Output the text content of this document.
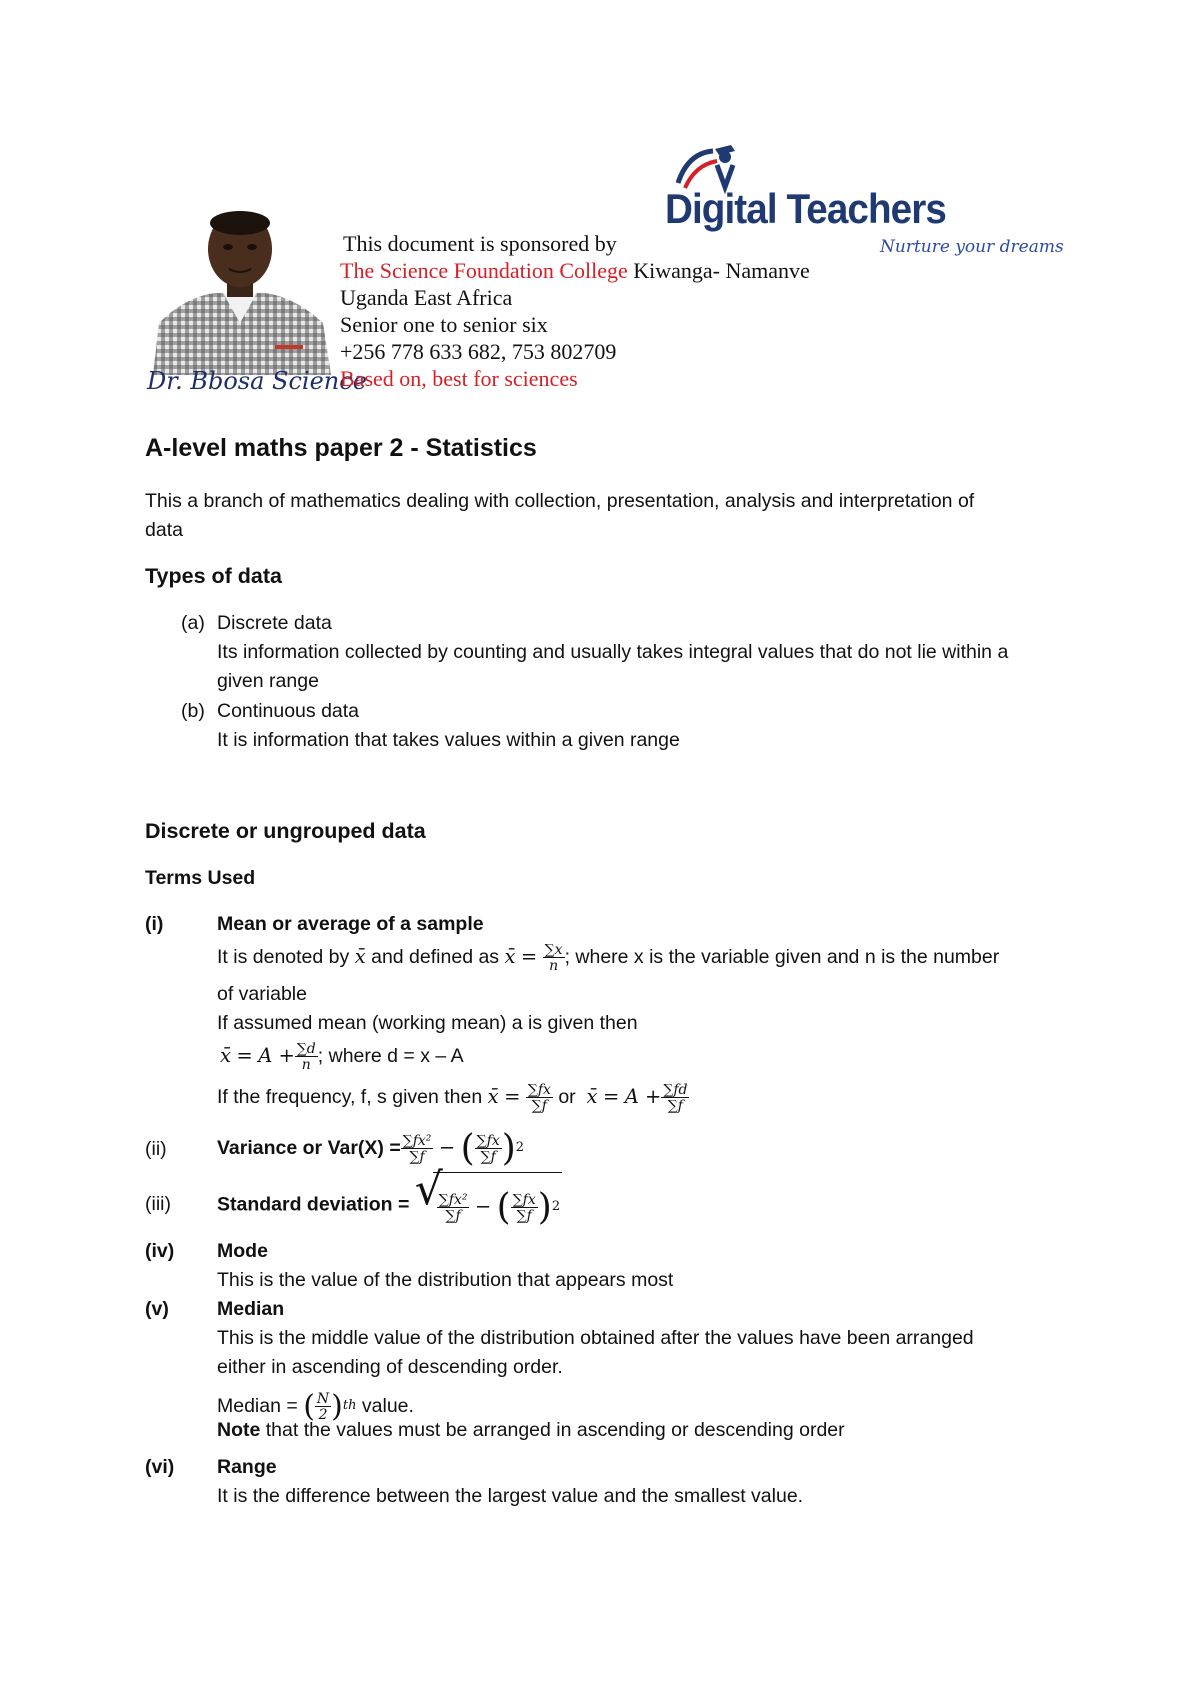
Dr. Bbosa Science
Digital Teachers
Nurture your dreams
This document is sponsored by
The Science Foundation College Kiwanga- Namanve
Uganda East Africa
Senior one to senior six
+256 778 633 682, 753 802709
Based on, best for sciences
A-level maths paper 2 - Statistics
This a branch of mathematics dealing with collection, presentation, analysis and interpretation of
data
Types of data
(a) Discrete data
Its information collected by counting and usually takes integral values that do not lie within a
given range
(b) Continuous data
It is information that takes values within a given range
Discrete or ungrouped data
Terms Used
(i)	Mean or average of a sample
It is denoted by x̄ and defined as x̄ = $\frac{\sum x}{n}$ ; where x is the variable given and n is the number
of variable
If assumed mean (working mean) a is given then
x̄ = $A + \frac{\sum d}{n}$ ; where d = x – A
If the frequency, f, s given then x̄ = $\frac{\sum fx}{\sum f}$ or x̄ = $A + \frac{\sum fd}{\sum f}$
(ii)	Variance or $Var(X) = \frac{\text{∑fx²}}{\sum f}$ − ( $\frac{\sum fx}{\sum f} )^2$
(iii) Standard deviation = √
$\frac{\text{∑fx²}}{\sum f}$ − ( $\frac{\sum fx}{\sum f} )^2$
(iv) Mode
This is the value of the distribution that appears most
(v) Median
This is the middle value of the distribution obtained after the values have been arranged
either in ascending of descending order.
Median = ( $\frac{N}{2} )^{th}$ value.
Note that the values must be arranged in ascending or descending order
(vi) Range
It is the difference between the largest value and the smallest value.
